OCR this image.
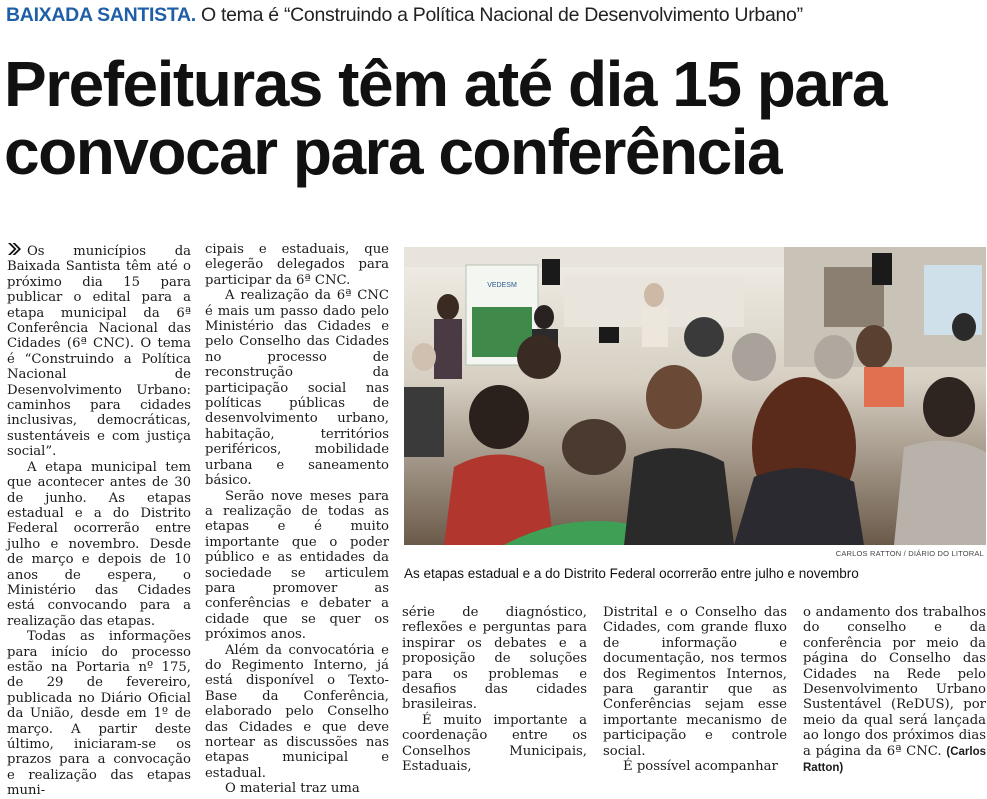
BAIXADA SANTISTA. O tema é “Construindo a Política Nacional de Desenvolvimento Urbano”
Prefeituras têm até dia 15 para convocar para conferência

Os municípios da Baixada Santista têm até o próximo dia 15 para publicar o edital para a etapa municipal da 6ª Conferência Nacional das Cidades (6ª CNC). O tema é “Construindo a Política Nacional de Desenvolvimento Urbano: caminhos para cidades inclusivas, democráticas, sustentáveis e com justiça social”.

A etapa municipal tem que acontecer antes de 30 de junho. As etapas estadual e a do Distrito Federal ocorrerão entre julho e novembro. Desde de março e depois de 10 anos de espera, o Ministério das Cidades está convocando para a realização das etapas.

Todas as informações para início do processo estão na Portaria nº 175, de 29 de fevereiro, publicada no Diário Oficial da União, desde em 1º de março. A partir deste último, iniciaram-se os prazos para a convocação e realização das etapas muni-

cipais e estaduais, que elegerão delegados para participar da 6ª CNC.

A realização da 6ª CNC é mais um passo dado pelo Ministério das Cidades e pelo Conselho das Cidades no processo de reconstrução da participação social nas políticas públicas de desenvolvimento urbano, habitação, territórios periféricos, mobilidade urbana e saneamento básico.

Serão nove meses para a realização de todas as etapas e é muito importante que o poder público e as entidades da sociedade se articulem para promover as conferências e debater a cidade que se quer os próximos anos.

Além da convocatória e do Regimento Interno, já está disponível o Texto-Base da Conferência, elaborado pelo Conselho das Cidades e que deve nortear as discussões nas etapas municipal e estadual.

O material traz uma

VEDESM
CARLOS RATTON / DIÁRIO DO LITORAL
As etapas estadual e a do Distrito Federal ocorrerão entre julho e novembro

série de diagnóstico, reflexões e perguntas para inspirar os debates e a proposição de soluções para os problemas e desafios das cidades brasileiras.

É muito importante a coordenação entre os Conselhos Municipais, Estaduais,

Distrital e o Conselho das Cidades, com grande fluxo de informação e documentação, nos termos dos Regimentos Internos, para garantir que as Conferências sejam esse importante mecanismo de participação e controle social.

É possível acompanhar

o andamento dos trabalhos do conselho e da conferência por meio da página do Conselho das Cidades na Rede pelo Desenvolvimento Urbano Sustentável (ReDUS), por meio da qual será lançada ao longo dos próximos dias a página da 6ª CNC. (Carlos Ratton)
